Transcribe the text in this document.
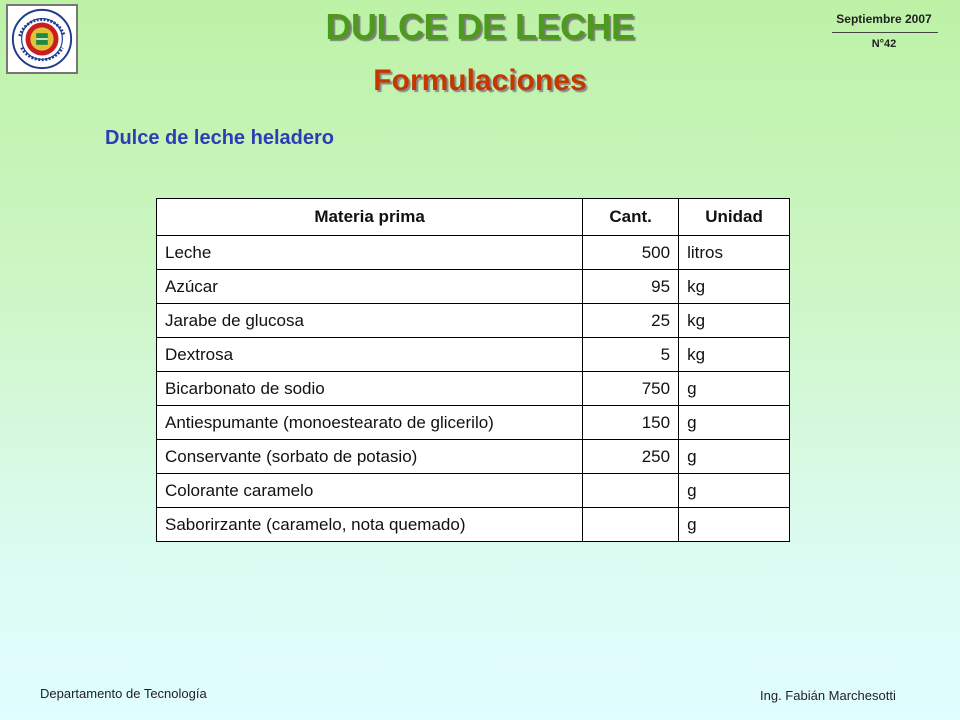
DULCE DE LECHE
Formulaciones
Septiembre 2007
N°42
Dulce de leche heladero
Materia prima	Cant.	Unidad
Leche	500	litros
Azúcar	95	kg
Jarabe de glucosa	25	kg
Dextrosa	5	kg
Bicarbonato de sodio	750	g
Antiespumante (monoestearato de glicerilo)	150	g
Conservante (sorbato de potasio)	250	g
Colorante caramelo		g
Saborirzante (caramelo, nota quemado)		g
Departamento de Tecnología	Ing. Fabián Marchesotti
